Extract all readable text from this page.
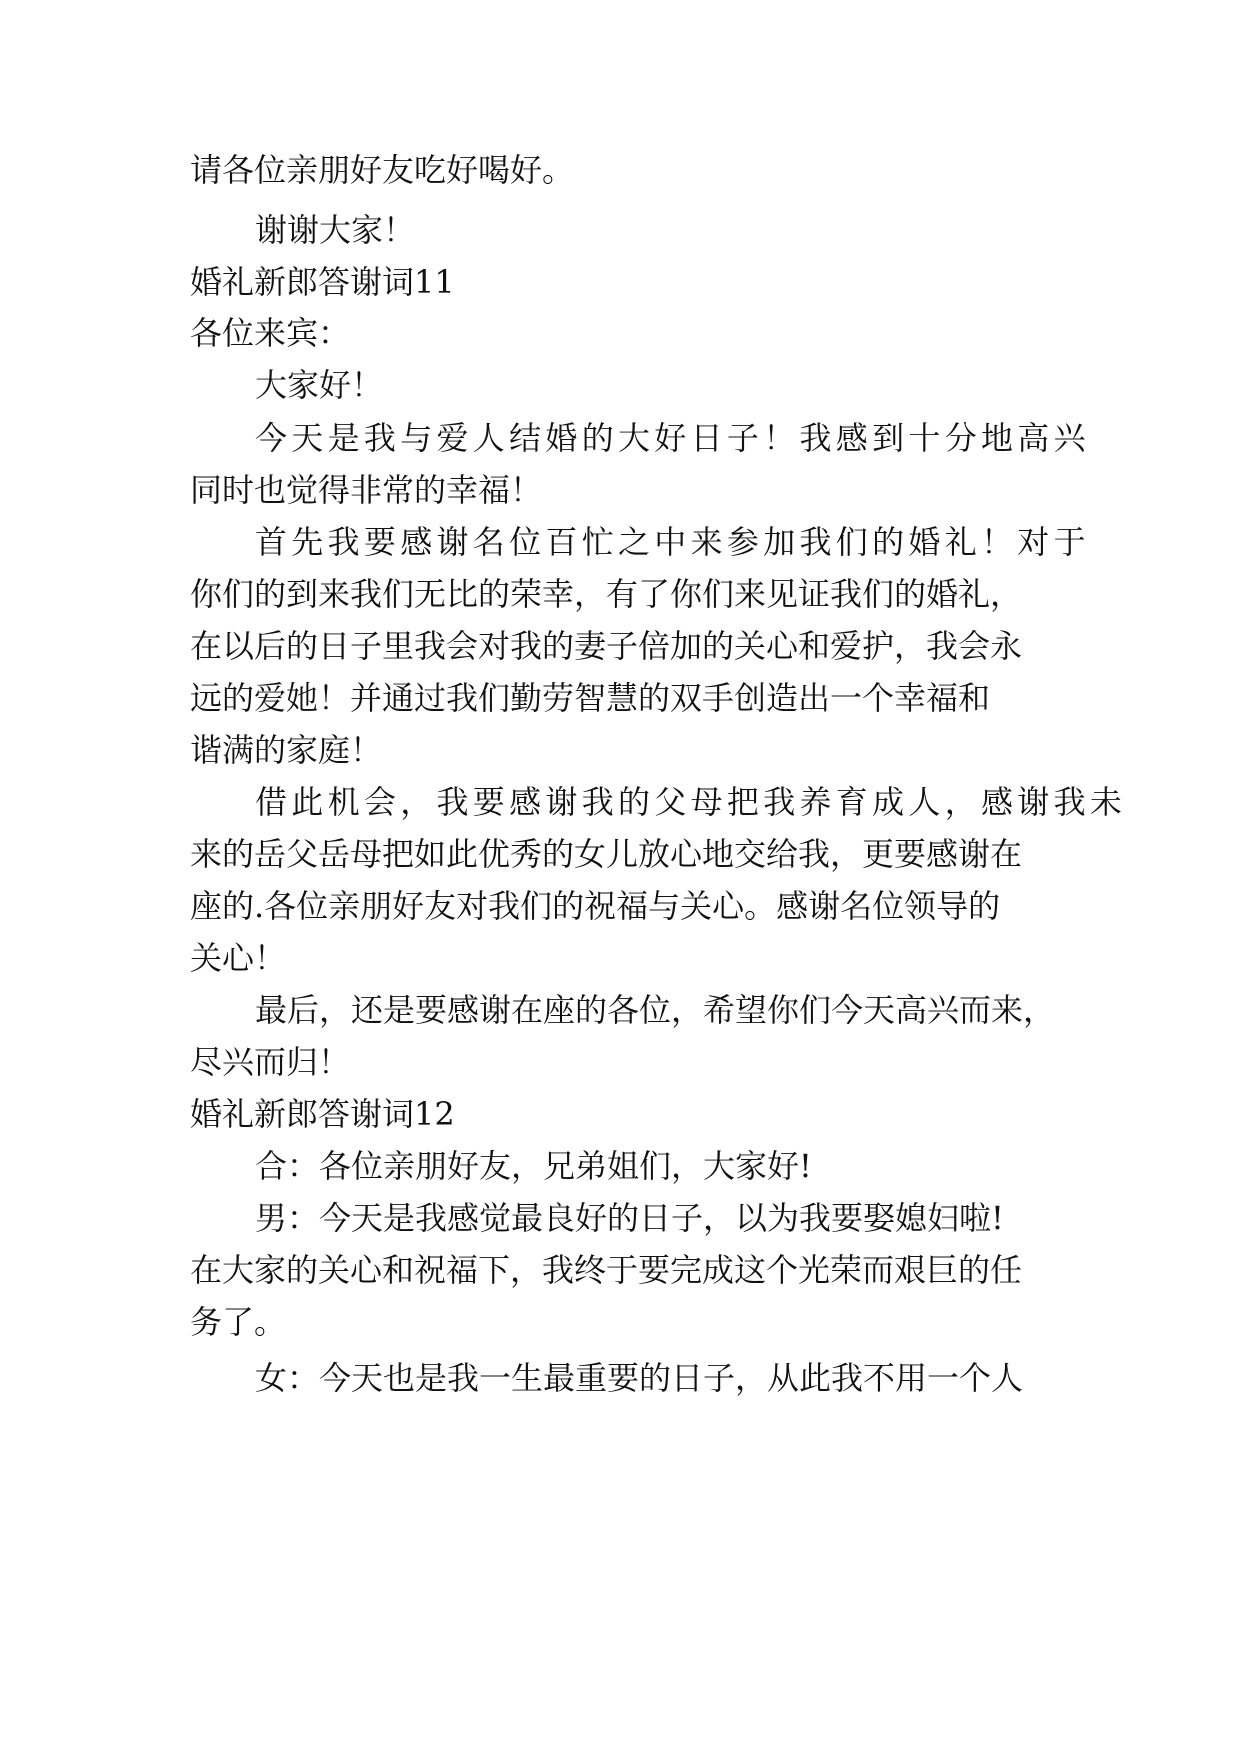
请各位亲朋好友吃好喝好。
谢谢大家！
婚礼新郎答谢词11
各位来宾：
大家好！
今天是我与爱人结婚的大好日子！我感到十分地高兴
同时也觉得非常的幸福！
首先我要感谢名位百忙之中来参加我们的婚礼！对于
你们的到来我们无比的荣幸，有了你们来见证我们的婚礼，
在以后的日子里我会对我的妻子倍加的关心和爱护，我会永
远的爱她！并通过我们勤劳智慧的双手创造出一个幸福和
谐满的家庭！
借此机会，我要感谢我的父母把我养育成人，感谢我未
来的岳父岳母把如此优秀的女儿放心地交给我，更要感谢在
座的.各位亲朋好友对我们的祝福与关心。感谢名位领导的
关心！
最后，还是要感谢在座的各位，希望你们今天高兴而来，
尽兴而归！
婚礼新郎答谢词12
合：各位亲朋好友，兄弟姐们，大家好!
男：今天是我感觉最良好的日子，以为我要娶媳妇啦!
在大家的关心和祝福下，我终于要完成这个光荣而艰巨的任
务了。
女：今天也是我一生最重要的日子，从此我不用一个人
